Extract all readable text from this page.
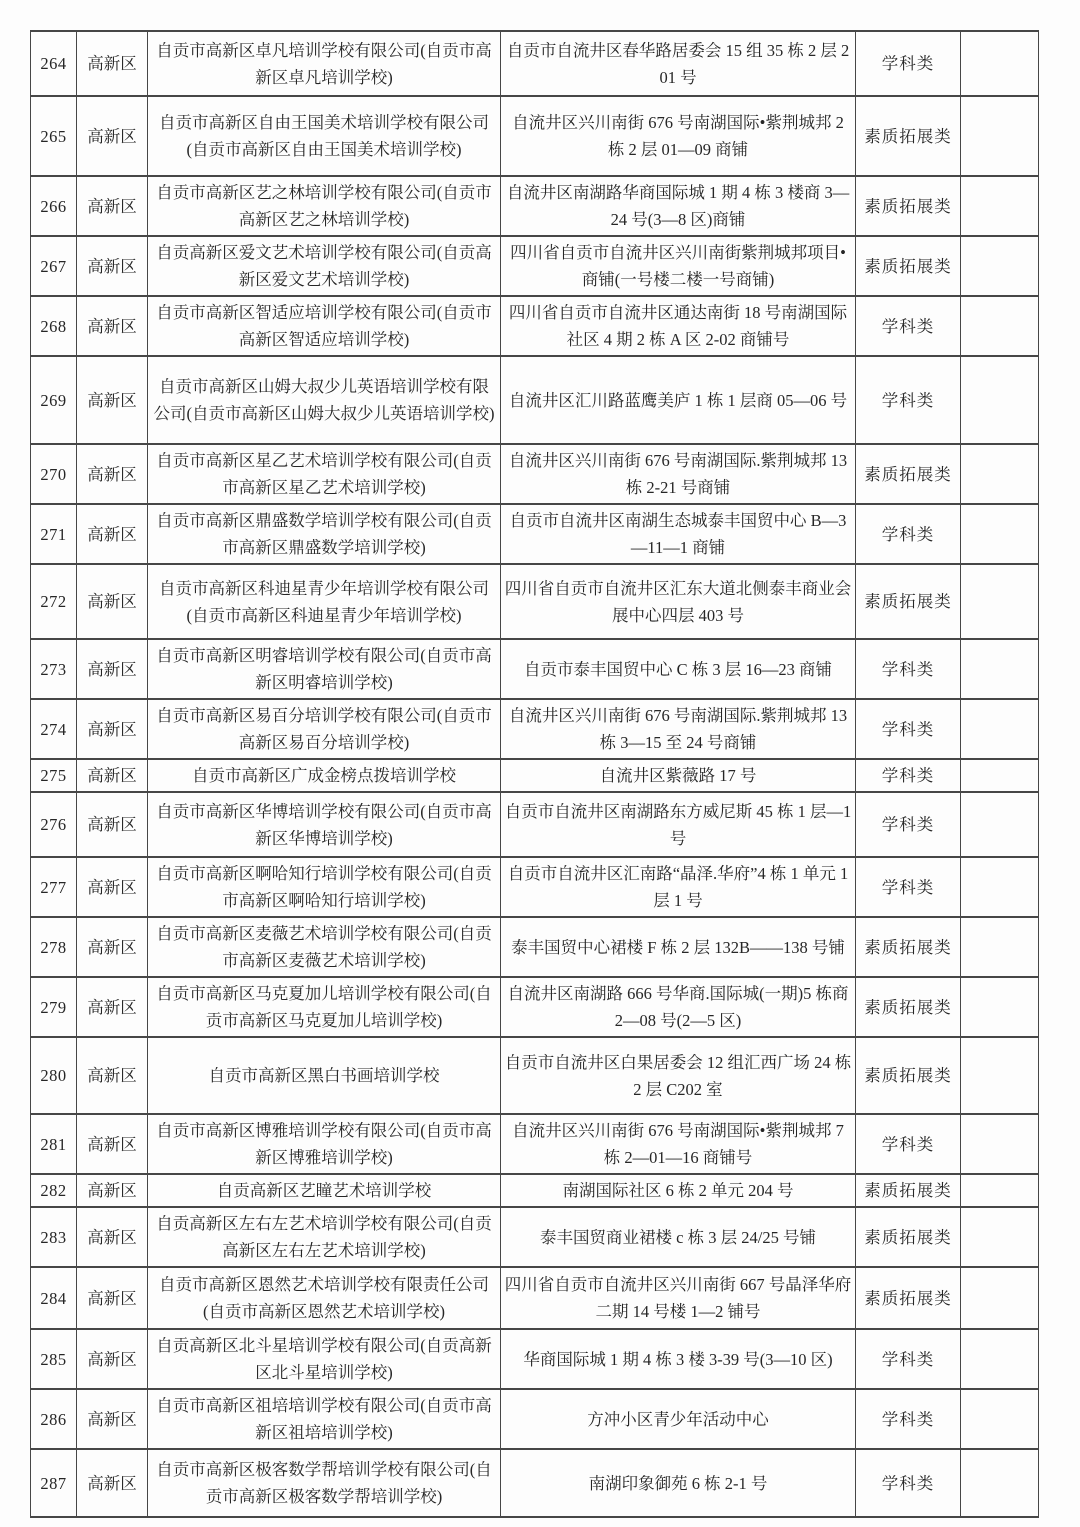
264	高新区	自贡市高新区卓凡培训学校有限公司(自贡市高新区卓凡培训学校)	自贡市自流井区春华路居委会 15 组 35 栋 2 层 201 号	学科类	
265	高新区	自贡市高新区自由王国美术培训学校有限公司(自贡市高新区自由王国美术培训学校)	自流井区兴川南街 676 号南湖国际•紫荆城邦 2 栋 2 层 01—09 商铺	素质拓展类	
266	高新区	自贡市高新区艺之林培训学校有限公司(自贡市高新区艺之林培训学校)	自流井区南湖路华商国际城 1 期 4 栋 3 楼商 3—24 号(3—8 区)商铺	素质拓展类	
267	高新区	自贡高新区爱文艺术培训学校有限公司(自贡高新区爱文艺术培训学校)	四川省自贡市自流井区兴川南街紫荆城邦项目•商铺(一号楼二楼一号商铺)	素质拓展类	
268	高新区	自贡市高新区智适应培训学校有限公司(自贡市高新区智适应培训学校)	四川省自贡市自流井区通达南街 18 号南湖国际社区 4 期 2 栋 A 区 2-02 商铺号	学科类	
269	高新区	自贡市高新区山姆大叔少儿英语培训学校有限公司(自贡市高新区山姆大叔少儿英语培训学校)	自流井区汇川路蓝鹰美庐 1 栋 1 层商 05—06 号	学科类	
270	高新区	自贡市高新区星乙艺术培训学校有限公司(自贡市高新区星乙艺术培训学校)	自流井区兴川南街 676 号南湖国际.紫荆城邦 13 栋 2-21 号商铺	素质拓展类	
271	高新区	自贡市高新区鼎盛数学培训学校有限公司(自贡市高新区鼎盛数学培训学校)	自贡市自流井区南湖生态城泰丰国贸中心 B—3—11—1 商铺	学科类	
272	高新区	自贡市高新区科迪星青少年培训学校有限公司(自贡市高新区科迪星青少年培训学校)	四川省自贡市自流井区汇东大道北侧泰丰商业会展中心四层 403 号	素质拓展类	
273	高新区	自贡市高新区明睿培训学校有限公司(自贡市高新区明睿培训学校)	自贡市泰丰国贸中心 C 栋 3 层 16—23 商铺	学科类	
274	高新区	自贡市高新区易百分培训学校有限公司(自贡市高新区易百分培训学校)	自流井区兴川南街 676 号南湖国际.紫荆城邦 13 栋 3—15 至 24 号商铺	学科类	
275	高新区	自贡市高新区广成金榜点拨培训学校	自流井区紫薇路 17 号	学科类	
276	高新区	自贡市高新区华博培训学校有限公司(自贡市高新区华博培训学校)	自贡市自流井区南湖路东方威尼斯 45 栋 1 层—1 号	学科类	
277	高新区	自贡市高新区啊哈知行培训学校有限公司(自贡市高新区啊哈知行培训学校)	自贡市自流井区汇南路“晶泽.华府”4 栋 1 单元 1 层 1 号	学科类	
278	高新区	自贡市高新区麦薇艺术培训学校有限公司(自贡市高新区麦薇艺术培训学校)	泰丰国贸中心裙楼 F 栋 2 层 132B——138 号铺	素质拓展类	
279	高新区	自贡市高新区马克夏加儿培训学校有限公司(自贡市高新区马克夏加儿培训学校)	自流井区南湖路 666 号华商.国际城(一期)5 栋商 2—08 号(2—5 区)	素质拓展类	
280	高新区	自贡市高新区黑白书画培训学校	自贡市自流井区白果居委会 12 组汇西广场 24 栋 2 层 C202 室	素质拓展类	
281	高新区	自贡市高新区博雅培训学校有限公司(自贡市高新区博雅培训学校)	自流井区兴川南街 676 号南湖国际•紫荆城邦 7 栋 2—01—16 商铺号	学科类	
282	高新区	自贡高新区艺瞳艺术培训学校	南湖国际社区 6 栋 2 单元 204 号	素质拓展类	
283	高新区	自贡高新区左右左艺术培训学校有限公司(自贡高新区左右左艺术培训学校)	泰丰国贸商业裙楼 c 栋 3 层 24/25 号铺	素质拓展类	
284	高新区	自贡市高新区恩然艺术培训学校有限责任公司(自贡市高新区恩然艺术培训学校)	四川省自贡市自流井区兴川南街 667 号晶泽华府二期 14 号楼 1—2 铺号	素质拓展类	
285	高新区	自贡高新区北斗星培训学校有限公司(自贡高新区北斗星培训学校)	华商国际城 1 期 4 栋 3 楼 3-39 号(3—10 区)	学科类	
286	高新区	自贡市高新区祖培培训学校有限公司(自贡市高新区祖培培训学校)	方冲小区青少年活动中心	学科类	
287	高新区	自贡市高新区极客数学帮培训学校有限公司(自贡市高新区极客数学帮培训学校)	南湖印象御苑 6 栋 2-1 号	学科类	
